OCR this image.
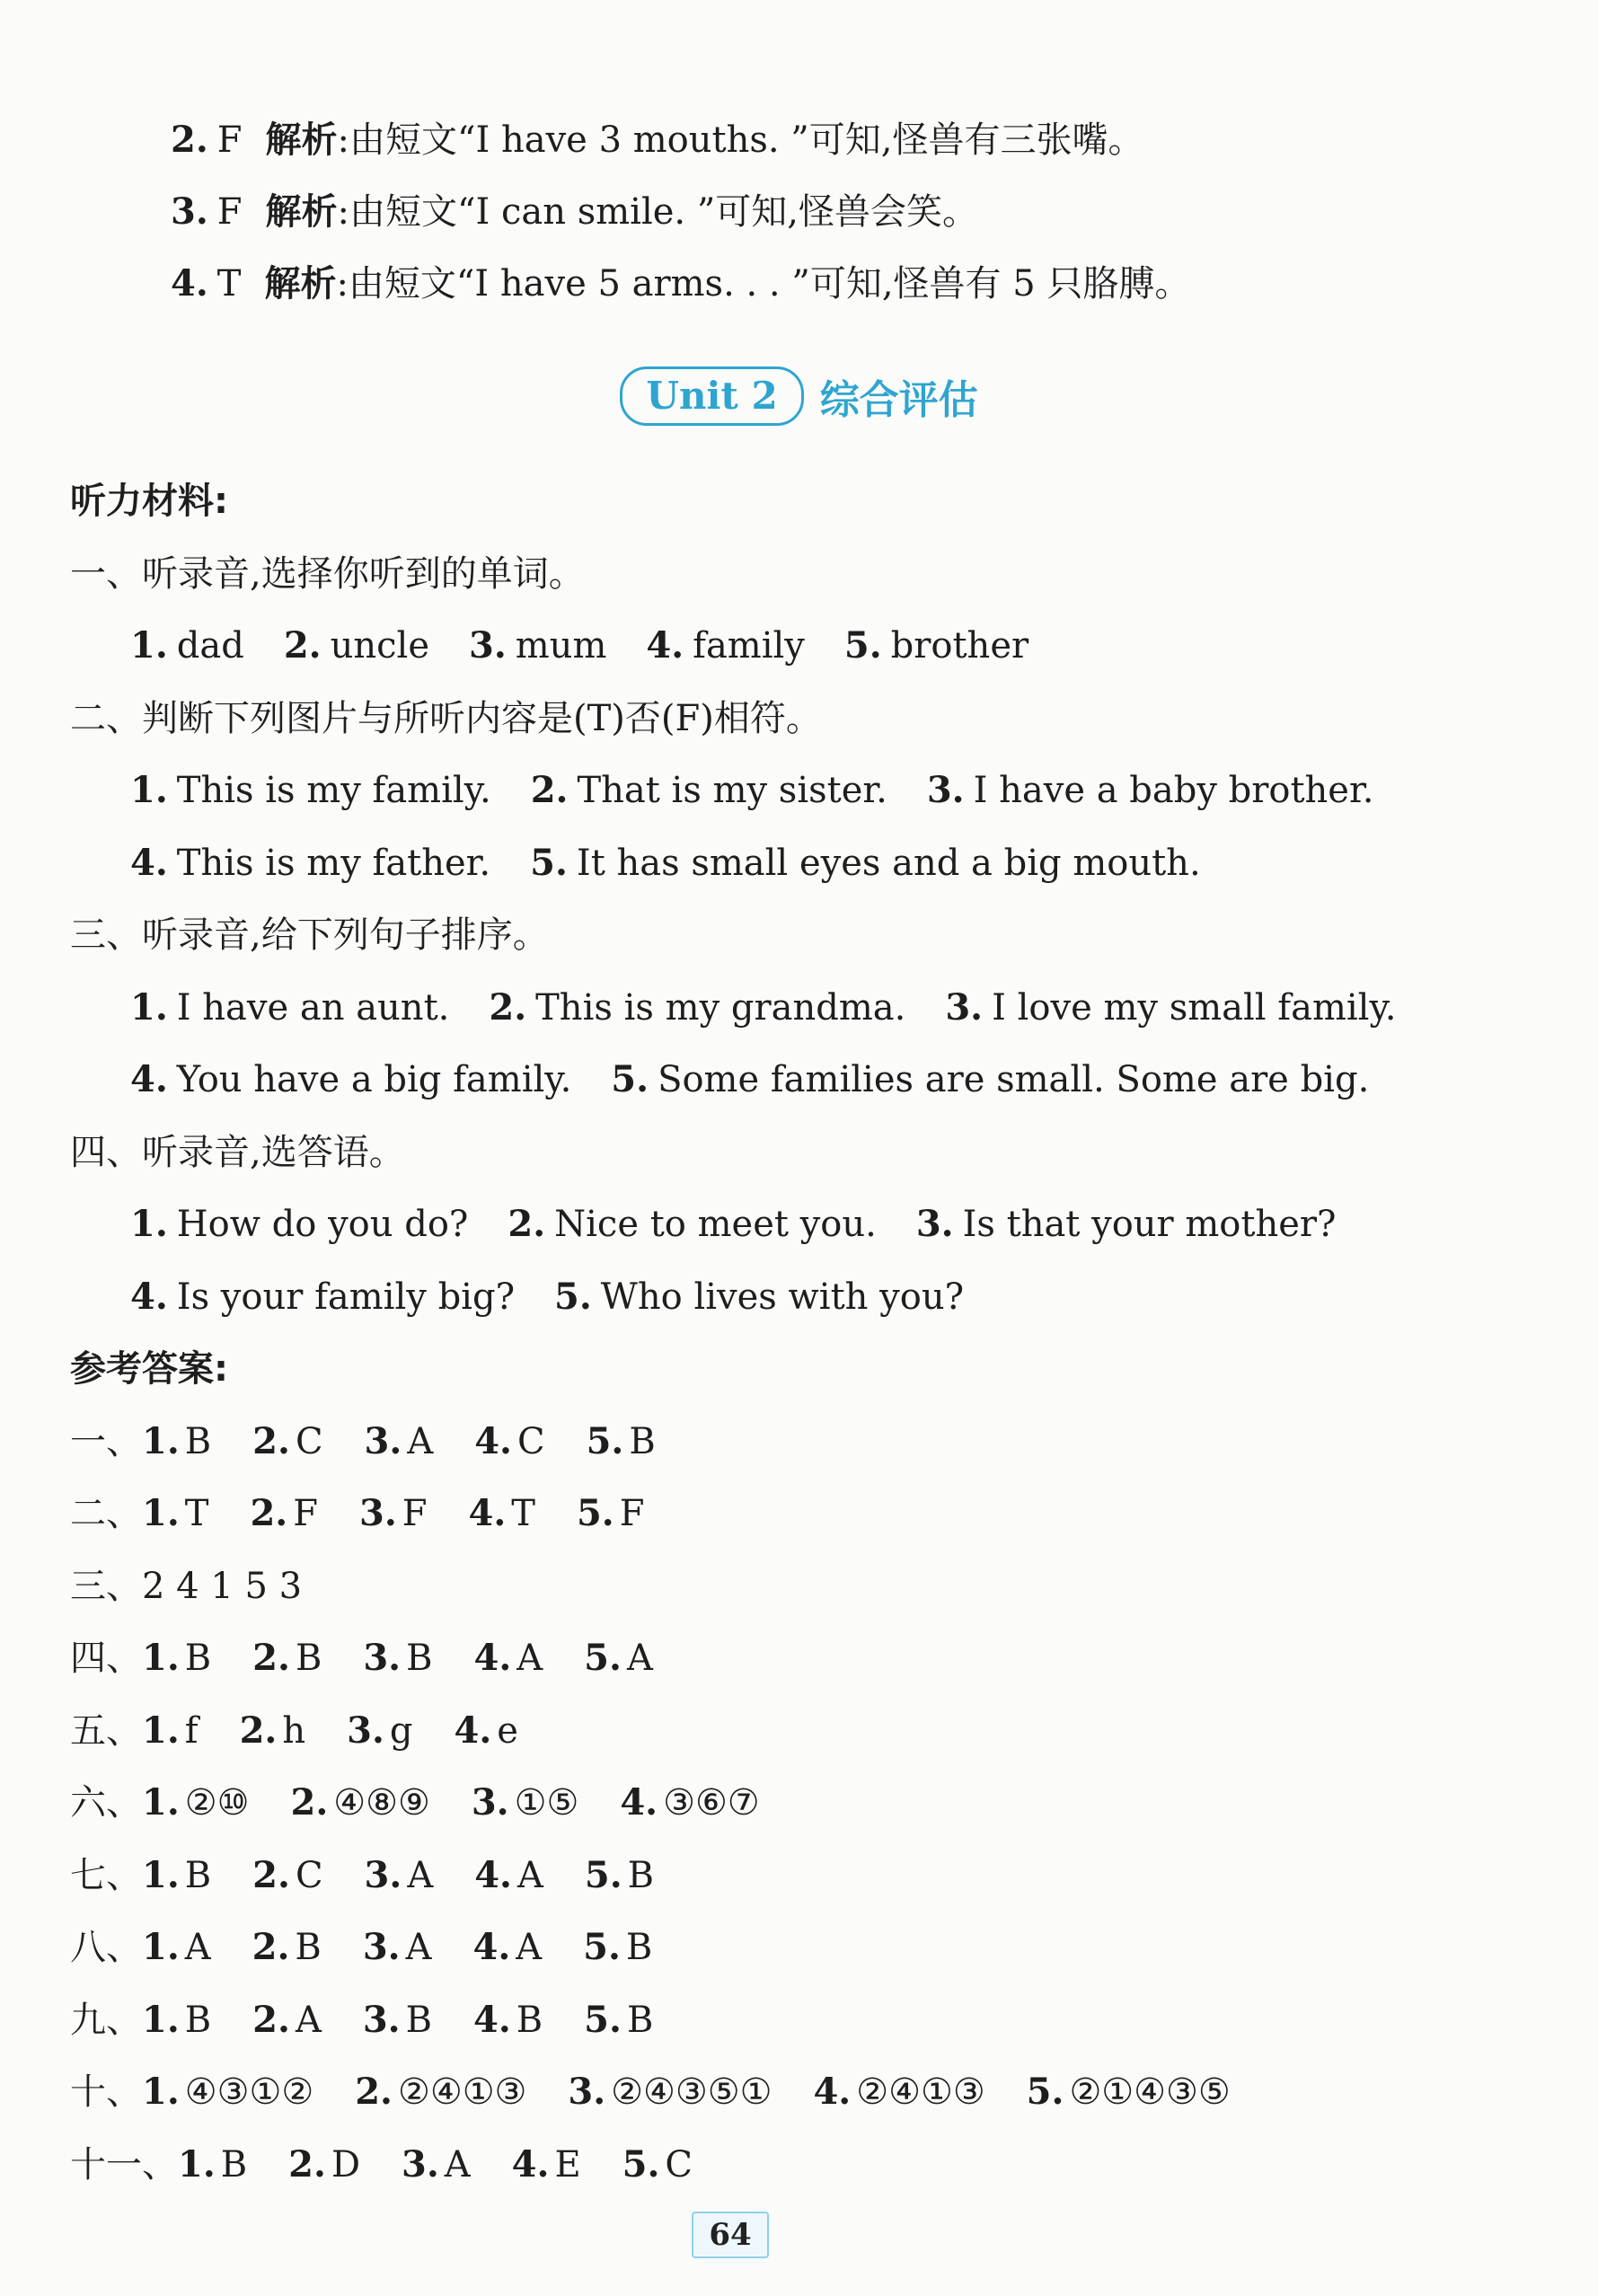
2. F 解析:由短文“I have 3 mouths. ”可知,怪兽有三张嘴。
3. F 解析:由短文“I can smile. ”可知,怪兽会笑。
4. T 解析:由短文“I have 5 arms. . . ”可知,怪兽有 5 只胳膊。
Unit 2 综合评估
听力材料:
一、听录音,选择你听到的单词。
1. dad 2. uncle 3. mum 4. family 5. brother
二、判断下列图片与所听内容是(T)否(F)相符。
1. This is my family. 2. That is my sister. 3. I have a baby brother.
4. This is my father. 5. It has small eyes and a big mouth.
三、听录音,给下列句子排序。
1. I have an aunt. 2. This is my grandma. 3. I love my small family.
4. You have a big family. 5. Some families are small. Some are big.
四、听录音,选答语。
1. How do you do? 2. Nice to meet you. 3. Is that your mother?
4. Is your family big? 5. Who lives with you?
参考答案:
一、1. B 2. C 3. A 4. C 5. B
二、1. T 2. F 3. F 4. T 5. F
三、2 4 1 5 3
四、1. B 2. B 3. B 4. A 5. A
五、1. f 2. h 3. g 4. e
六、1. ②⑩ 2. ④⑧⑨ 3. ①⑤ 4. ③⑥⑦
七、1. B 2. C 3. A 4. A 5. B
八、1. A 2. B 3. A 4. A 5. B
九、1. B 2. A 3. B 4. B 5. B
十、1. ④③①② 2. ②④①③ 3. ②④③⑤① 4. ②④①③ 5. ②①④③⑤
十一、1. B 2. D 3. A 4. E 5. C
64
